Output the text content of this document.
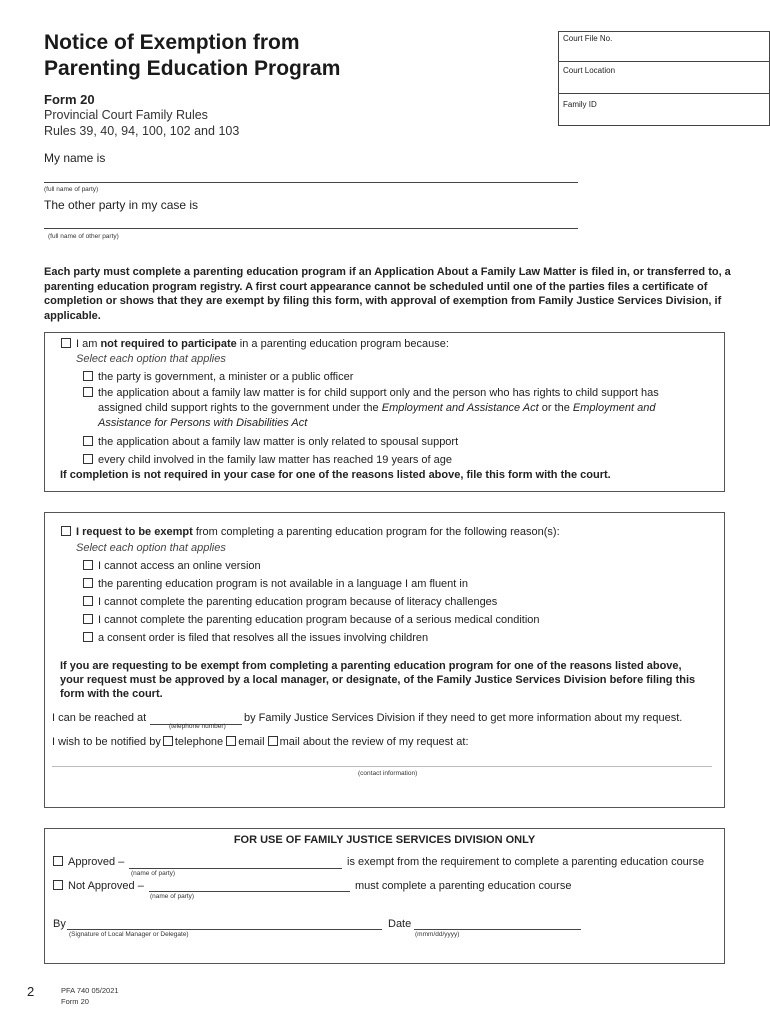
Notice of Exemption from
Parenting Education Program
Form 20
Provincial Court Family Rules
Rules 39, 40, 94, 100, 102 and 103
Court File No.
Court Location
Family ID
My name is
(full name of party)
The other party in my case is
(full name of other party)
Each party must complete a parenting education program if an Application About a Family Law Matter is filed in, or transferred to, a parenting education program registry. A first court appearance cannot be scheduled until one of the parties files a certificate of completion or shows that they are exempt by filing this form, with approval of exemption from Family Justice Services Division, if applicable.
I am not required to participate in a parenting education program because:
Select each option that applies
the party is government, a minister or a public officer
the application about a family law matter is for child support only and the person who has rights to child support has
assigned child support rights to the government under the Employment and Assistance Act or the Employment and
Assistance for Persons with Disabilities Act
the application about a family law matter is only related to spousal support
every child involved in the family law matter has reached 19 years of age
If completion is not required in your case for one of the reasons listed above, file this form with the court.
I request to be exempt from completing a parenting education program for the following reason(s):
Select each option that applies
I cannot access an online version
the parenting education program is not available in a language I am fluent in
I cannot complete the parenting education program because of literacy challenges
I cannot complete the parenting education program because of a serious medical condition
a consent order is filed that resolves all the issues involving children
If you are requesting to be exempt from completing a parenting education program for one of the reasons listed above, your request must be approved by a local manager, or designate, of the Family Justice Services Division before filing this form with the court.
I can be reached at
(telephone number)
by Family Justice Services Division if they need to get more information about my request.
I wish to be notified by telephone email mail about the review of my request at:
(contact information)
FOR USE OF FAMILY JUSTICE SERVICES DIVISION ONLY
Approved –
(name of party)
is exempt from the requirement to complete a parenting education course
Not Approved –
(name of party)
must complete a parenting education course
By
(Signature of Local Manager or Delegate)
Date
(mmm/dd/yyyy)
2	PFA 740 05/2021
Form 20
